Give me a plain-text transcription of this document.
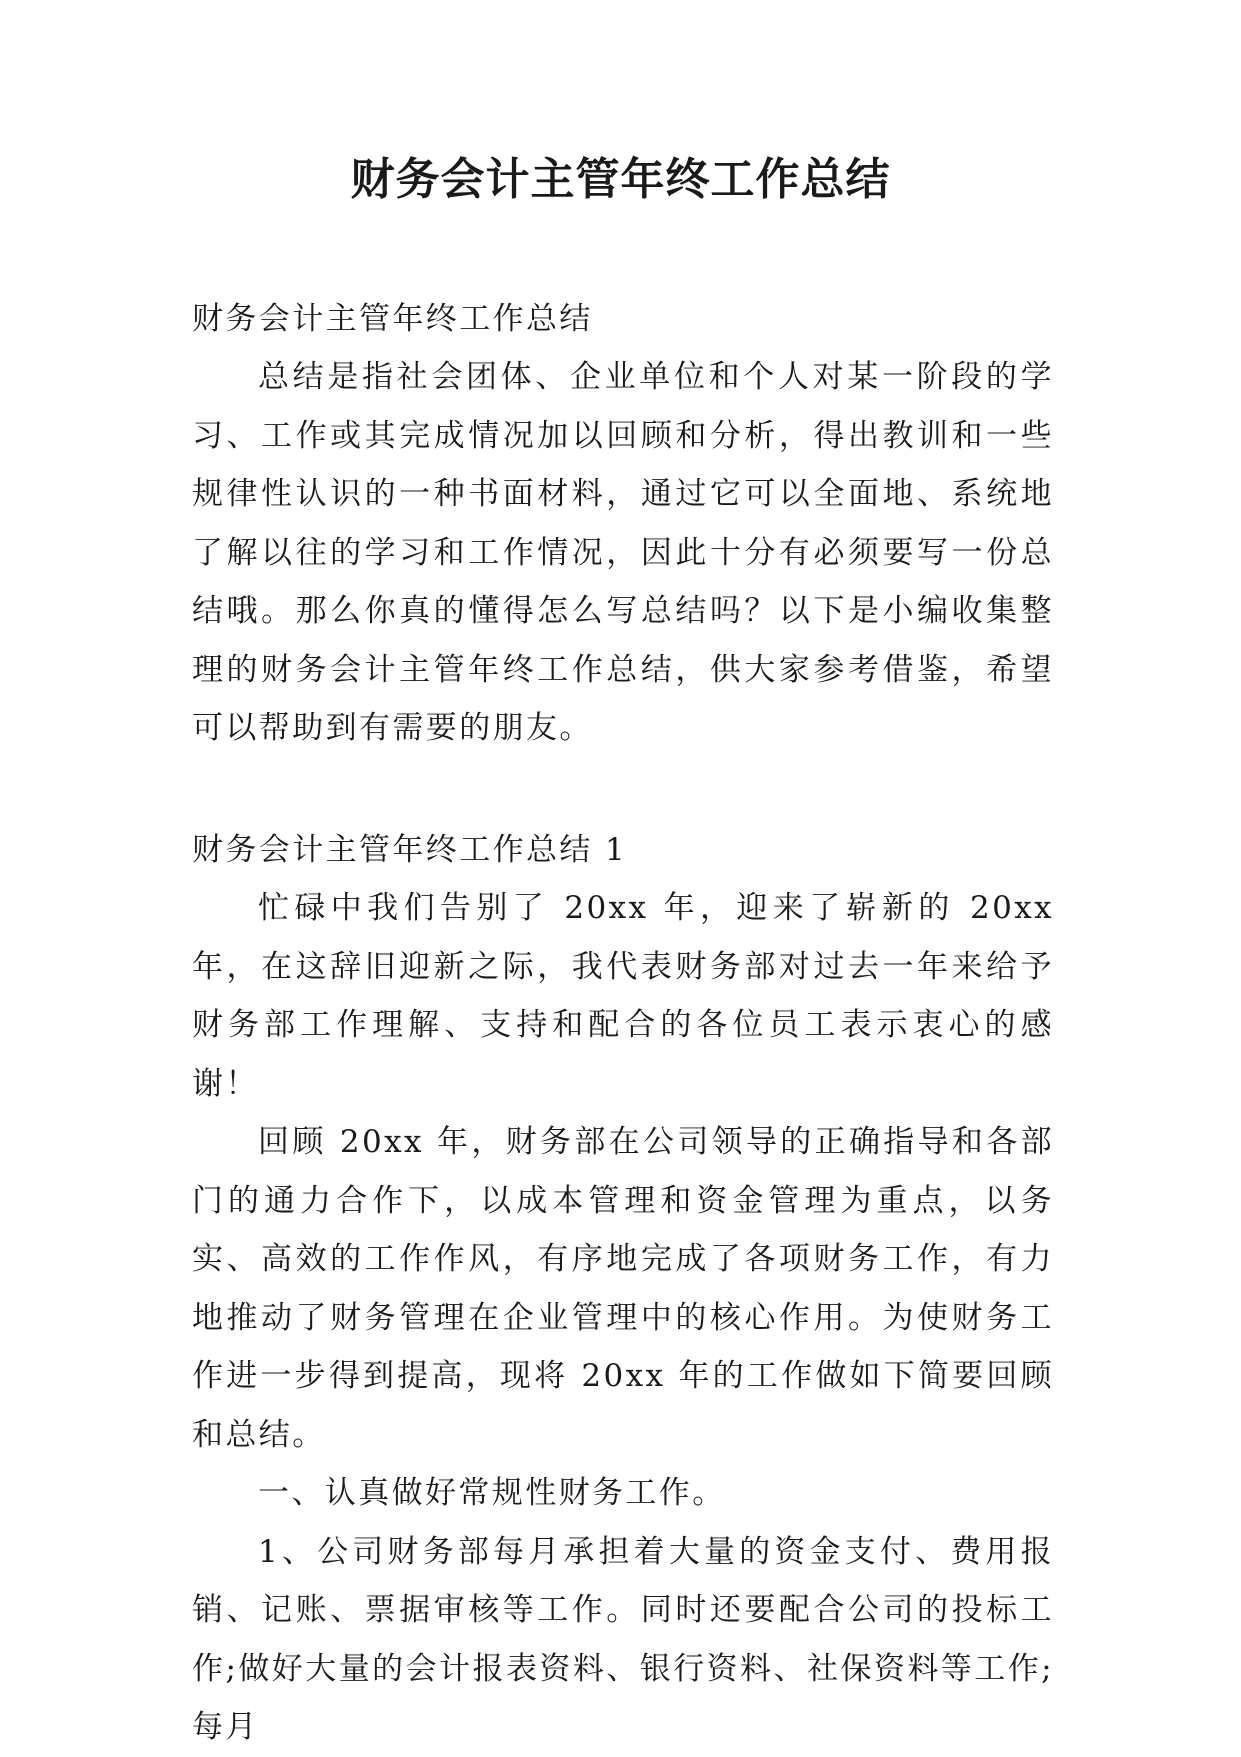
财务会计主管年终工作总结

财务会计主管年终工作总结

总结是指社会团体、企业单位和个人对某一阶段的学习、工作或其完成情况加以回顾和分析，得出教训和一些规律性认识的一种书面材料，通过它可以全面地、系统地了解以往的学习和工作情况，因此十分有必须要写一份总结哦。那么你真的懂得怎么写总结吗？以下是小编收集整理的财务会计主管年终工作总结，供大家参考借鉴，希望可以帮助到有需要的朋友。

财务会计主管年终工作总结 1

忙碌中我们告别了 20xx 年，迎来了崭新的 20xx 年，在这辞旧迎新之际，我代表财务部对过去一年来给予财务部工作理解、支持和配合的各位员工表示衷心的感谢！

回顾 20xx 年，财务部在公司领导的正确指导和各部门的通力合作下，以成本管理和资金管理为重点，以务实、高效的工作作风，有序地完成了各项财务工作，有力地推动了财务管理在企业管理中的核心作用。为使财务工作进一步得到提高，现将 20xx 年的工作做如下简要回顾和总结。

一、认真做好常规性财务工作。

1、公司财务部每月承担着大量的资金支付、费用报销、记账、票据审核等工作。同时还要配合公司的投标工作;做好大量的会计报表资料、银行资料、社保资料等工作;每月
